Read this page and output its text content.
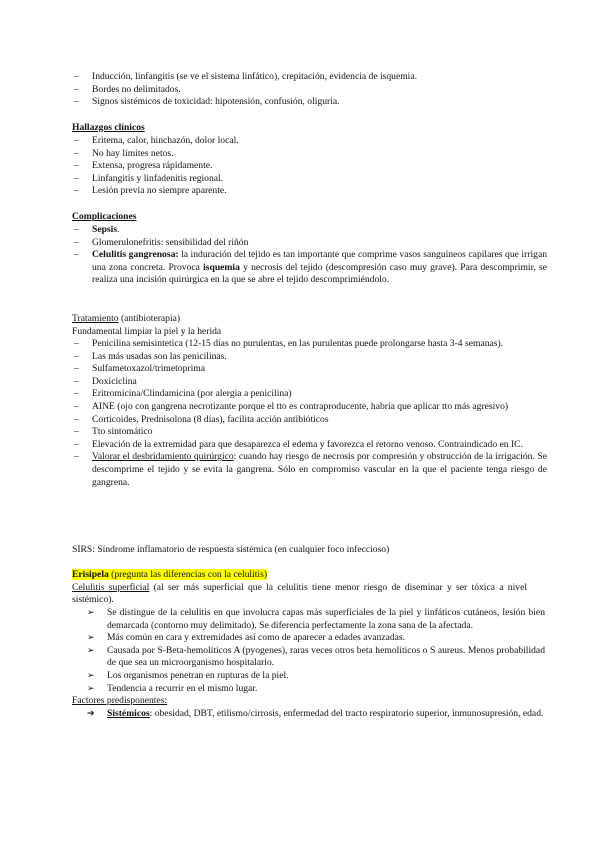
– Inducción, linfangitis (se ve el sistema linfático), crepitación, evidencia de isquemia.
– Bordes no delimitados.
– Signos sistémicos de toxicidad: hipotensión, confusión, oliguria.

Hallazgos clínicos

– Eritema, calor, hinchazón, dolor local.
– No hay límites netos.
– Extensa, progresa rápidamente.
– Linfangitis y linfadenitis regional.
– Lesión previa no siempre aparente.

Complicaciones

– Sepsis.
– Glomerulonefritis: sensibilidad del riñón
– Celulitis gangrenosa: la induración del tejido es tan importante que comprime vasos sanguíneos capilares que irrigan una zona concreta. Provoca isquemia y necrosis del tejido (descompresión caso muy grave). Para descomprimir, se realiza una incisión quirúrgica en la que se abre el tejido descomprimiéndolo.

Tratamiento (antibioterapia)

Fundamental limpiar la piel y la herida

– Penicilina semisintetica (12-15 días no purulentas, en las purulentas puede prolongarse hasta 3-4 semanas).
– Las más usadas son las penicilinas.
– Sulfametoxazol/trimetoprima
– Doxiciclina
– Eritromicina/Clindamicina (por alergia a penicilina)
– AINE (ojo con gangrena necrotizante porque el tto es contraproducente, habría que aplicar tto más agresivo)
– Corticoides, Prednisolona (8 días), facilita acción antibióticos
– Tto sintomático
– Elevación de la extremidad para que desaparezca el edema y favorezca el retorno venoso. Contraindicado en IC.
– Valorar el desbridamiento quirúrgico: cuando hay riesgo de necrosis por compresión y obstrucción de la irrigación. Se descomprime el tejido y se evita la gangrena. Sólo en compromiso vascular en la que el paciente tenga riesgo de gangrena.

SIRS: Síndrome inflamatorio de respuesta sistémica (en cualquier foco infeccioso)

Erisipela (pregunta las diferencias con la celulitis)

Celulitis superficial (al ser más superficial que la celulitis tiene menor riesgo de diseminar y ser tóxica a nivel sistémico).

➢ Se distingue de la celulitis en que involucra capas más superficiales de la piel y linfáticos cutáneos, lesión bien demarcada (contorno muy delimitado). Se diferencia perfectamente la zona sana de la afectada.
➢ Más común en cara y extremidades así como de aparecer a edades avanzadas.
➢ Causada por S-Beta-hemolíticos A (pyogenes), raras veces otros beta hemolíticos o S aureus. Menos probabilidad de que sea un microorganismo hospitalario.
➢ Los organismos penetran en rupturas de la piel.
➢ Tendencia a recurrir en el mismo lugar.

Factores predisponentes:

➔ Sistémicos: obesidad, DBT, etilismo/cirrosis, enfermedad del tracto respiratorio superior, inmunosupresión, edad.
